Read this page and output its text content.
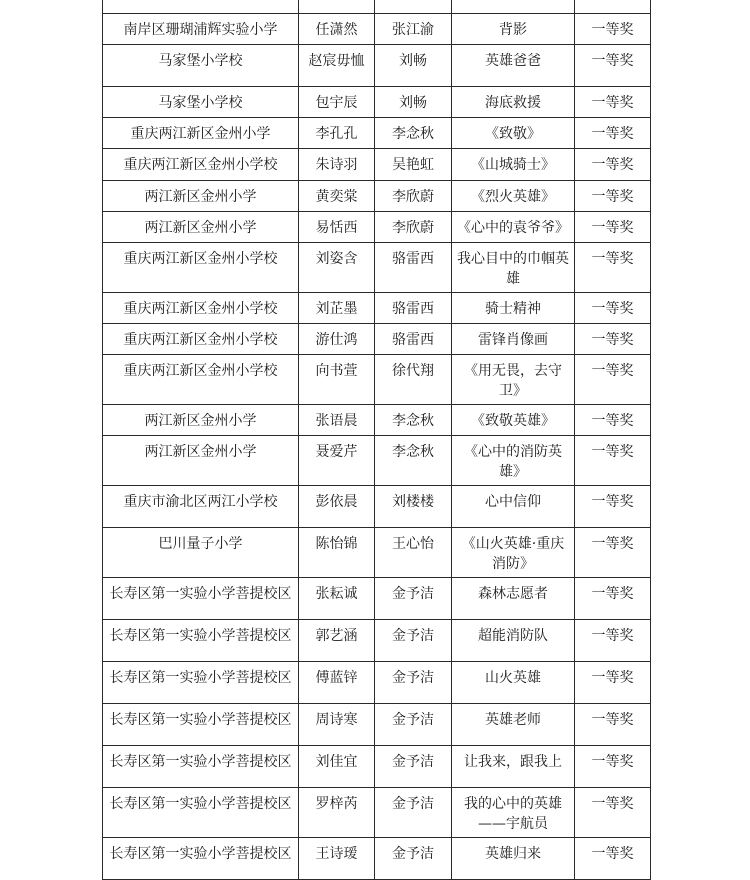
南岸区珊瑚浦辉实验小学	任潇然	张江渝	背影	一等奖
马家堡小学校	赵宸毋恤	刘畅	英雄爸爸	一等奖
马家堡小学校	包宇辰	刘畅	海底救援	一等奖
重庆两江新区金州小学	李孔孔	李念秋	《致敬》	一等奖
重庆两江新区金州小学校	朱诗羽	吴艳虹	《山城骑士》	一等奖
两江新区金州小学	黄奕棠	李欣蔚	《烈火英雄》	一等奖
两江新区金州小学	易恬西	李欣蔚	《心中的袁爷爷》	一等奖
重庆两江新区金州小学校	刘姿含	骆雷西	我心目中的巾帼英雄	一等奖
重庆两江新区金州小学校	刘芷墨	骆雷西	骑士精神	一等奖
重庆两江新区金州小学校	游仕鸿	骆雷西	雷锋肖像画	一等奖
重庆两江新区金州小学校	向书萱	徐代翔	《用无畏，去守卫》	一等奖
两江新区金州小学	张语晨	李念秋	《致敬英雄》	一等奖
两江新区金州小学	聂爱芹	李念秋	《心中的消防英雄》	一等奖
重庆市渝北区两江小学校	彭依晨	刘楼楼	心中信仰	一等奖
巴川量子小学	陈怡锦	王心怡	《山火英雄·重庆消防》	一等奖
长寿区第一实验小学菩提校区	张耘诚	金予洁	森林志愿者	一等奖
长寿区第一实验小学菩提校区	郭艺涵	金予洁	超能消防队	一等奖
长寿区第一实验小学菩提校区	傅蓝锌	金予洁	山火英雄	一等奖
长寿区第一实验小学菩提校区	周诗寒	金予洁	英雄老师	一等奖
长寿区第一实验小学菩提校区	刘佳宜	金予洁	让我来，跟我上	一等奖
长寿区第一实验小学菩提校区	罗梓芮	金予洁	我的心中的英雄——宇航员	一等奖
长寿区第一实验小学菩提校区	王诗瑷	金予洁	英雄归来	一等奖
